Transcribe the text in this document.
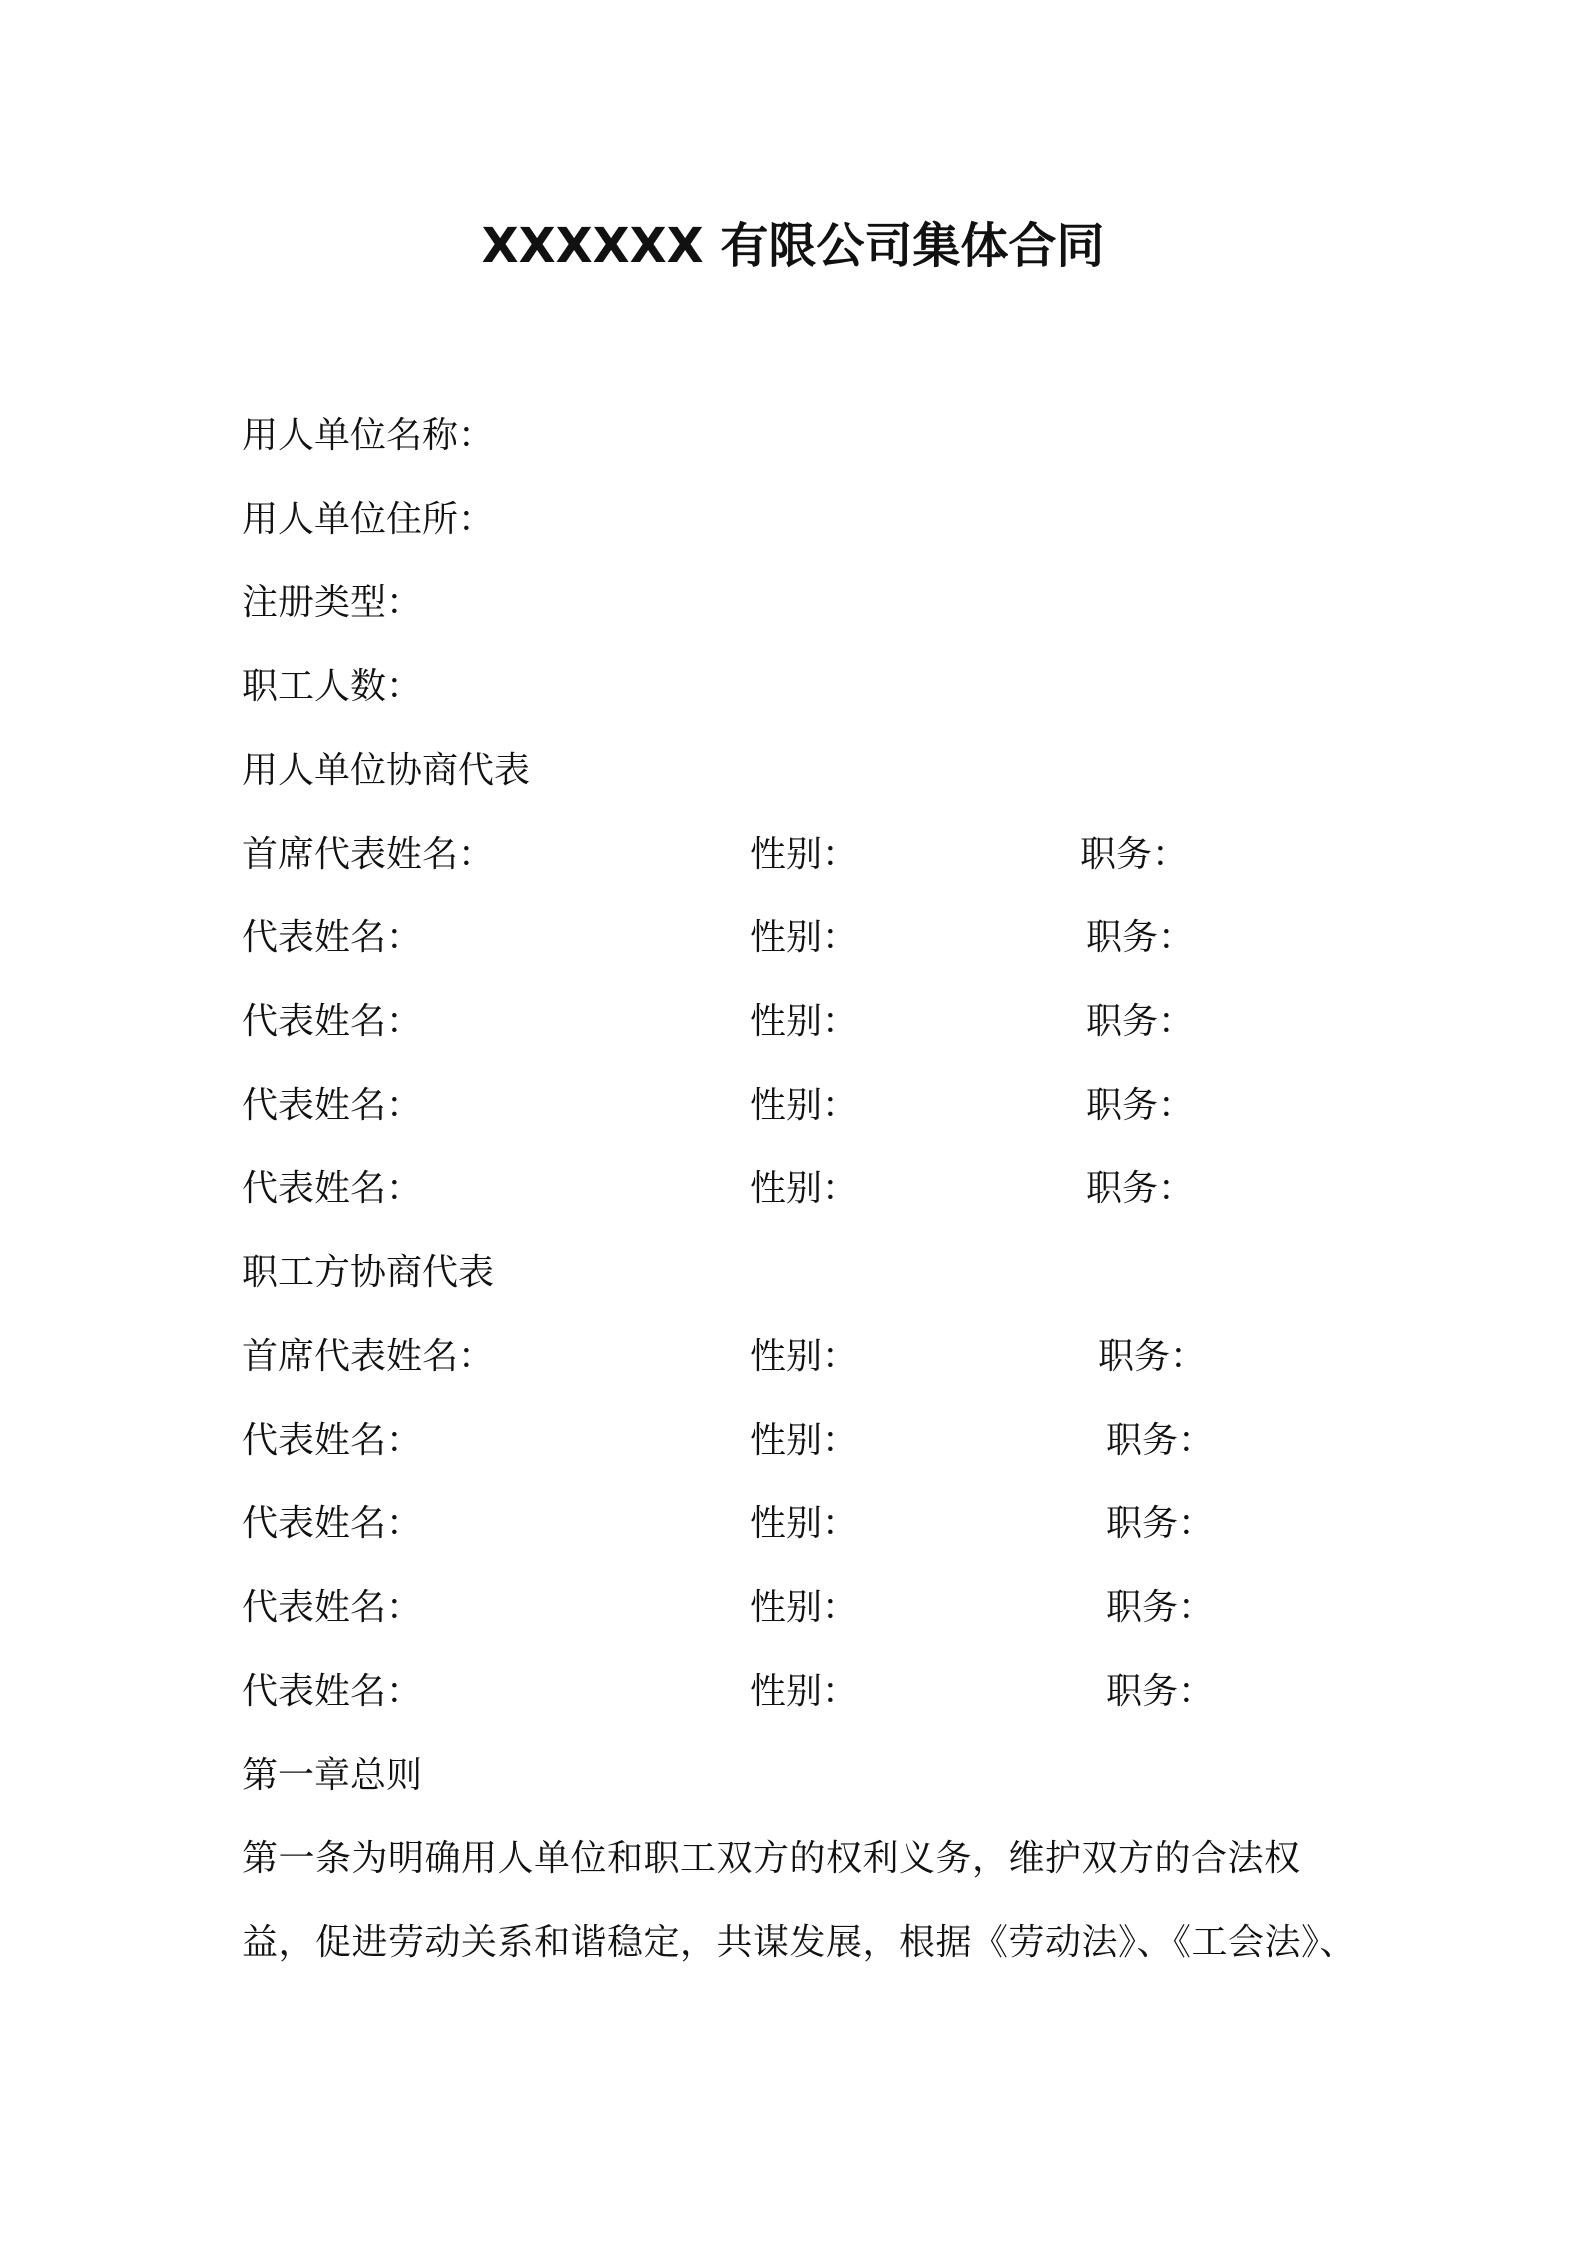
XXXXXX 有限公司集体合同
用人单位名称：
用人单位住所：
注册类型：
职工人数：
用人单位协商代表
首席代表姓名：	性别：	职务：
代表姓名：	性别：	职务：
代表姓名：	性别：	职务：
代表姓名：	性别：	职务：
代表姓名：	性别：	职务：
职工方协商代表
首席代表姓名：	性别：	职务：
代表姓名：	性别：	职务：
代表姓名：	性别：	职务：
代表姓名：	性别：	职务：
代表姓名：	性别：	职务：
第一章总则
第一条为明确用人单位和职工双方的权利义务，维护双方的合法权
益，促进劳动关系和谐稳定，共谋发展，根据《劳动法》、《工会法》、
